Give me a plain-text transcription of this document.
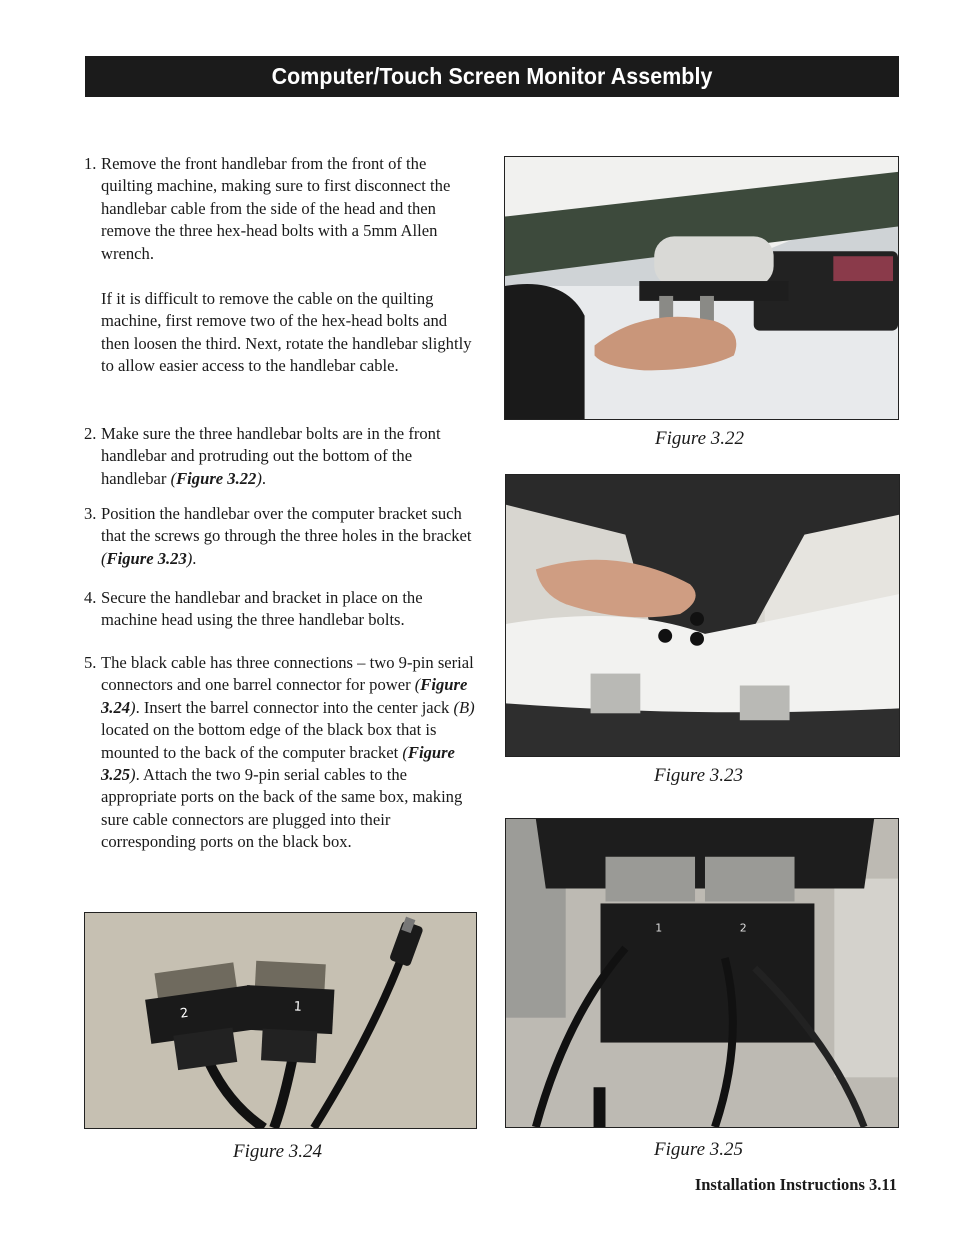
Computer/Touch Screen Monitor Assembly
1. Remove the front handlebar from the front of the quilting machine, making sure to first disconnect the handlebar cable from the side of the head and then remove the three hex-head bolts with a 5mm Allen wrench.
If it is difficult to remove the cable on the quilting machine, first remove two of the hex-head bolts and then loosen the third. Next, rotate the handlebar slightly to allow easier access to the handlebar cable.
2. Make sure the three handlebar bolts are in the front handlebar and protruding out the bottom of the handlebar (Figure 3.22).
3. Position the handlebar over the computer bracket such that the screws go through the three holes in the bracket (Figure 3.23).
4. Secure the handlebar and bracket in place on the machine head using the three handlebar bolts.
5. The black cable has three connections – two 9-pin serial connectors and one barrel connector for power (Figure 3.24). Insert the barrel connector into the center jack (B) located on the bottom edge of the black box that is mounted to the back of the computer bracket (Figure 3.25). Attach the two 9-pin serial cables to the appropriate ports on the back of the same box, making sure cable connectors are plugged into their corresponding ports on the black box.
Figure 3.22
Figure 3.23
2	1
Figure 3.24
1	2
Figure 3.25
Installation Instructions 3.11
